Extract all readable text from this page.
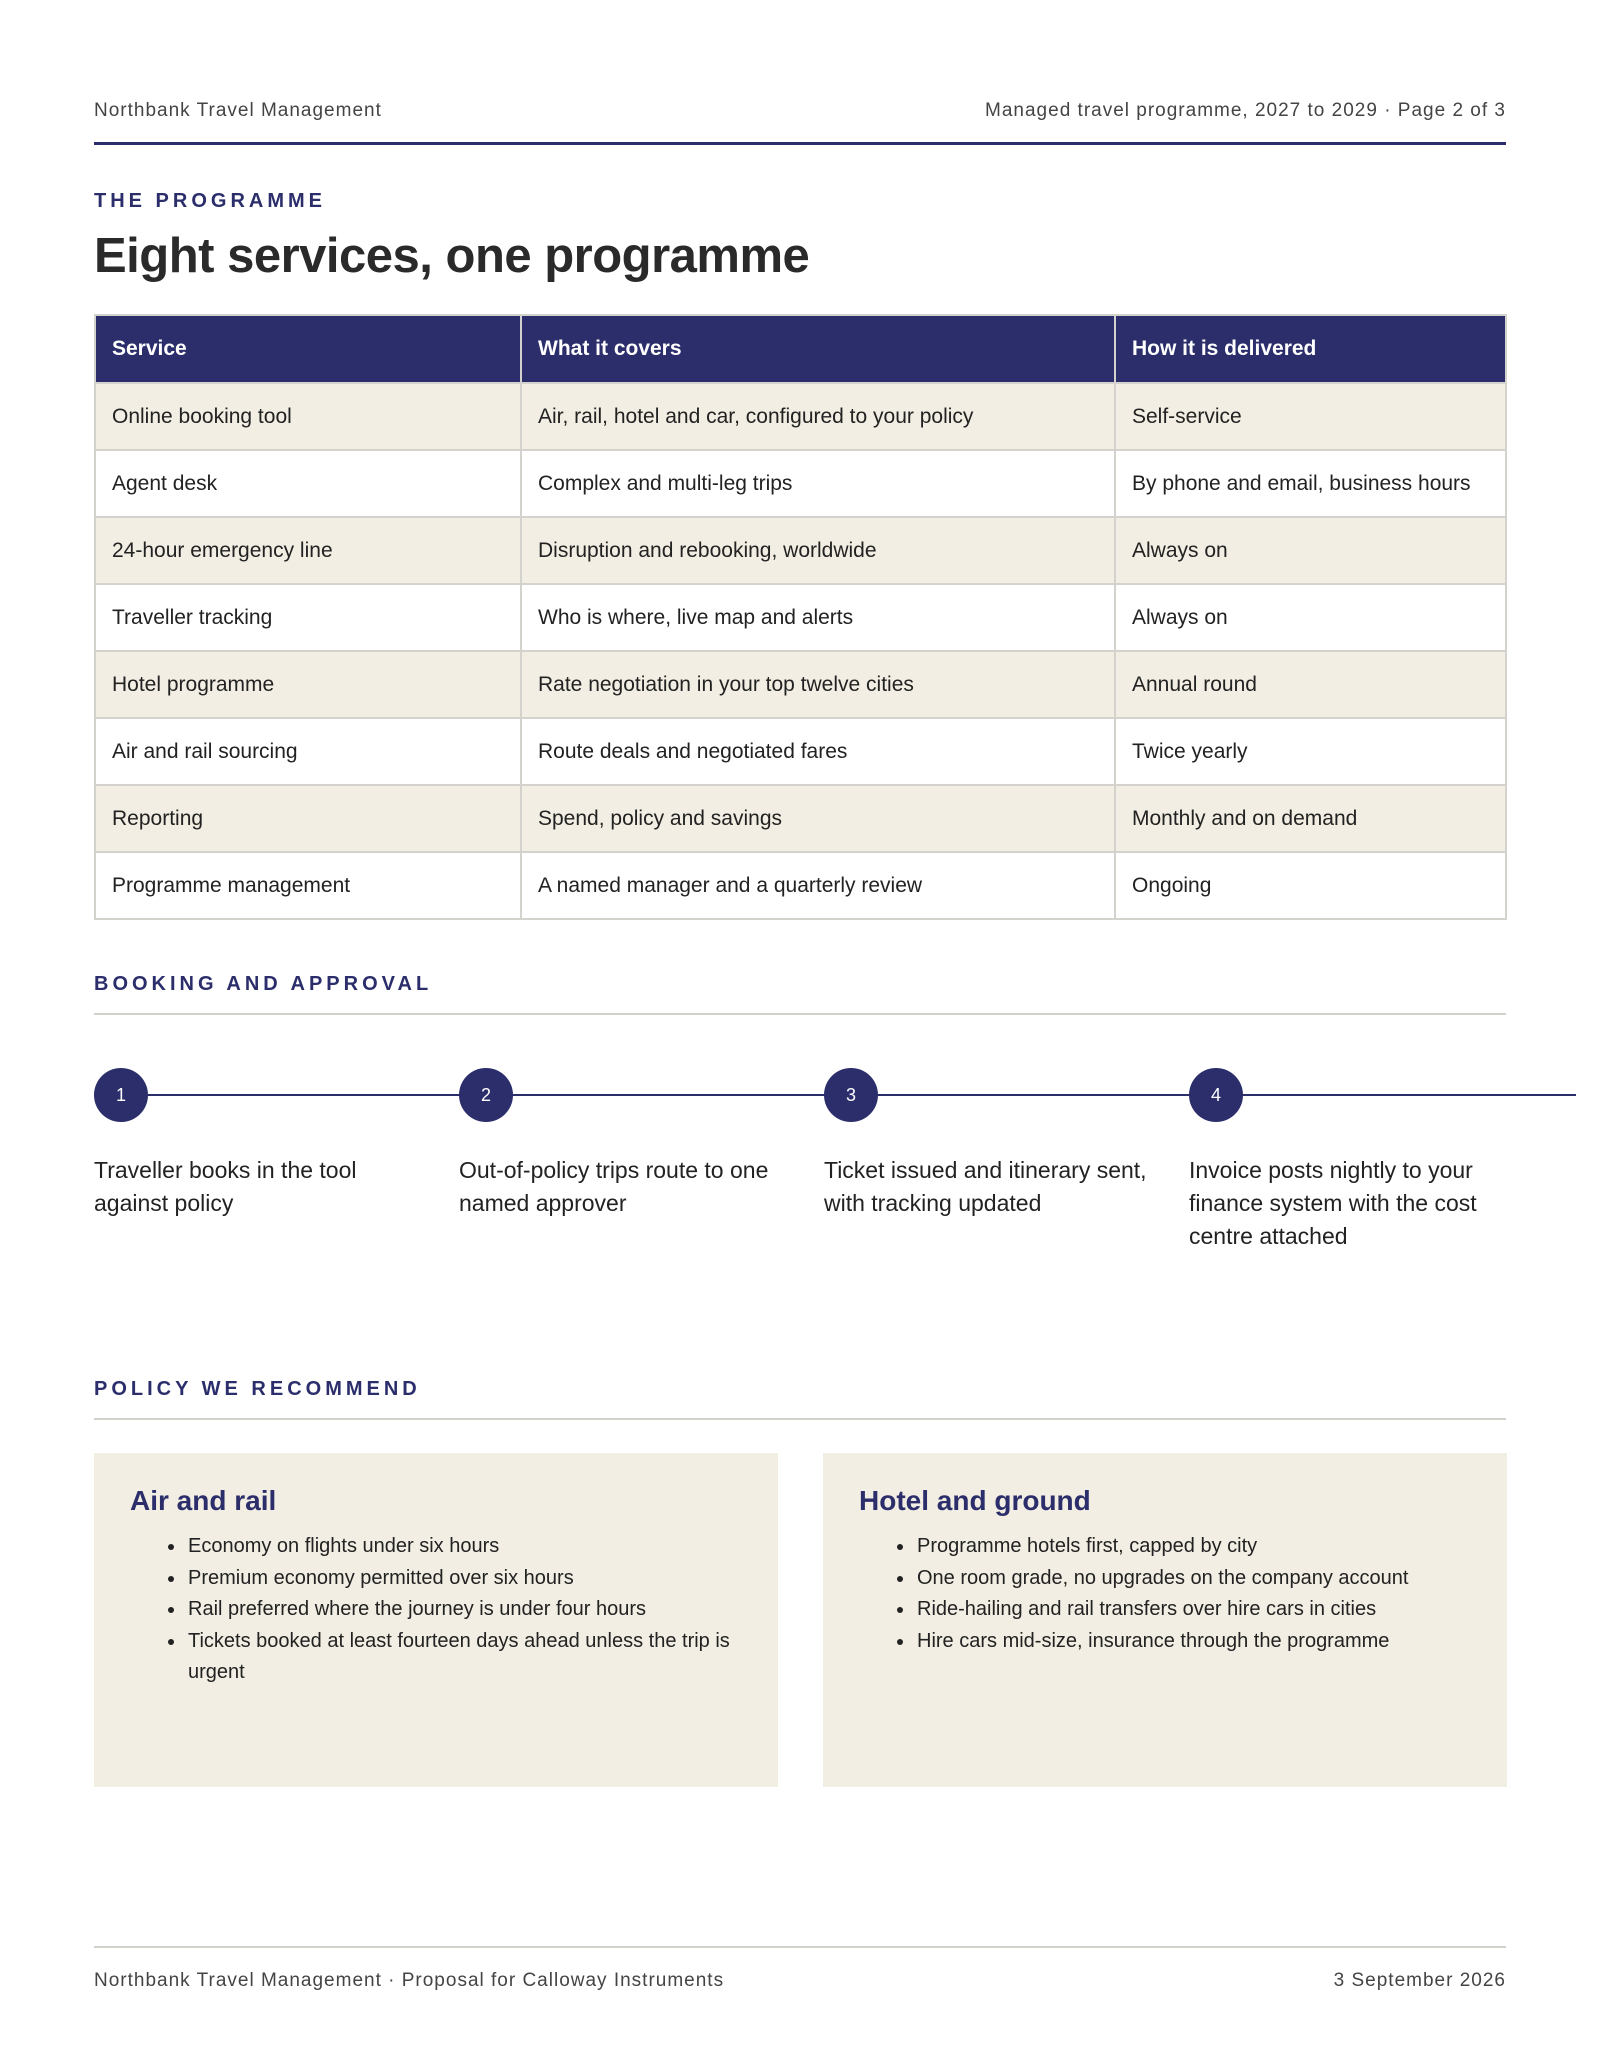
Northbank Travel Management	Managed travel programme, 2027 to 2029 · Page 2 of 3
THE PROGRAMME
Eight services, one programme
Service	What it covers	How it is delivered
Online booking tool	Air, rail, hotel and car, configured to your policy	Self-service
Agent desk	Complex and multi-leg trips	By phone and email, business hours
24-hour emergency line	Disruption and rebooking, worldwide	Always on
Traveller tracking	Who is where, live map and alerts	Always on
Hotel programme	Rate negotiation in your top twelve cities	Annual round
Air and rail sourcing	Route deals and negotiated fares	Twice yearly
Reporting	Spend, policy and savings	Monthly and on demand
Programme management	A named manager and a quarterly review	Ongoing
BOOKING AND APPROVAL
1
Traveller books in the tool against policy
2
Out-of-policy trips route to one named approver
3
Ticket issued and itinerary sent, with tracking updated
4
Invoice posts nightly to your finance system with the cost centre attached
POLICY WE RECOMMEND
Air and rail
• Economy on flights under six hours
• Premium economy permitted over six hours
• Rail preferred where the journey is under four hours
• Tickets booked at least fourteen days ahead unless the trip is urgent
Hotel and ground
• Programme hotels first, capped by city
• One room grade, no upgrades on the company account
• Ride-hailing and rail transfers over hire cars in cities
• Hire cars mid-size, insurance through the programme
Northbank Travel Management · Proposal for Calloway Instruments	3 September 2026
